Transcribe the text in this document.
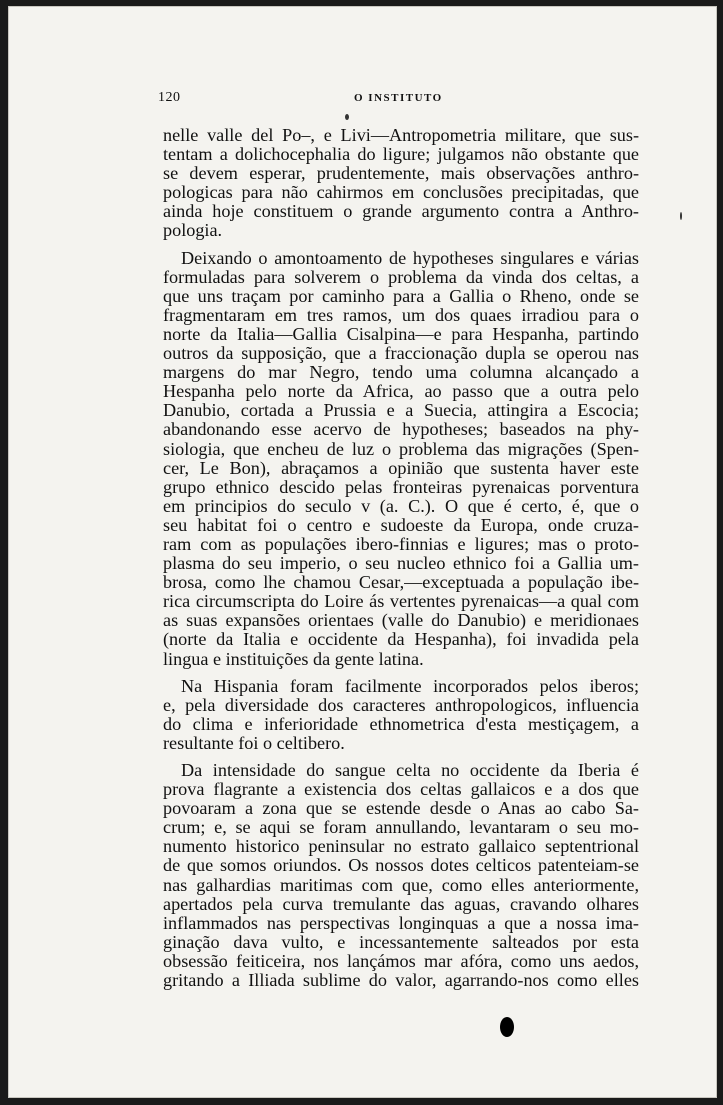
120	O INSTITUTO
nelle valle del Po–, e Livi—Antropometria militare, que sus-
tentam a dolichocephalia do ligure; julgamos não obstante que
se devem esperar, prudentemente, mais observações anthro-
pologicas para não cahirmos em conclusões precipitadas, que
ainda hoje constituem o grande argumento contra a Anthro-
pologia.
Deixando o amontoamento de hypotheses singulares e várias
formuladas para solverem o problema da vinda dos celtas, a
que uns traçam por caminho para a Gallia o Rheno, onde se
fragmentaram em tres ramos, um dos quaes irradiou para o
norte da Italia—Gallia Cisalpina—e para Hespanha, partindo
outros da supposição, que a fraccionação dupla se operou nas
margens do mar Negro, tendo uma columna alcançado a
Hespanha pelo norte da Africa, ao passo que a outra pelo
Danubio, cortada a Prussia e a Suecia, attingira a Escocia;
abandonando esse acervo de hypotheses; baseados na phy-
siologia, que encheu de luz o problema das migrações (Spen-
cer, Le Bon), abraçamos a opinião que sustenta haver este
grupo ethnico descido pelas fronteiras pyrenaicas porventura
em principios do seculo v (a. C.). O que é certo, é, que o
seu habitat foi o centro e sudoeste da Europa, onde cruza-
ram com as populações ibero-finnias e ligures; mas o proto-
plasma do seu imperio, o seu nucleo ethnico foi a Gallia um-
brosa, como lhe chamou Cesar,—exceptuada a população ibe-
rica circumscripta do Loire ás vertentes pyrenaicas—a qual com
as suas expansões orientaes (valle do Danubio) e meridionaes
(norte da Italia e occidente da Hespanha), foi invadida pela
lingua e instituições da gente latina.
Na Hispania foram facilmente incorporados pelos iberos;
e, pela diversidade dos caracteres anthropologicos, influencia
do clima e inferioridade ethnometrica d'esta mestiçagem, a
resultante foi o celtibero.
Da intensidade do sangue celta no occidente da Iberia é
prova flagrante a existencia dos celtas gallaicos e a dos que
povoaram a zona que se estende desde o Anas ao cabo Sa-
crum; e, se aqui se foram annullando, levantaram o seu mo-
numento historico peninsular no estrato gallaico septentrional
de que somos oriundos. Os nossos dotes celticos patenteiam-se
nas galhardias maritimas com que, como elles anteriormente,
apertados pela curva tremulante das aguas, cravando olhares
inflammados nas perspectivas longinquas a que a nossa ima-
ginação dava vulto, e incessantemente salteados por esta
obsessão feiticeira, nos lançámos mar afóra, como uns aedos,
gritando a Illiada sublime do valor, agarrando-nos como elles
